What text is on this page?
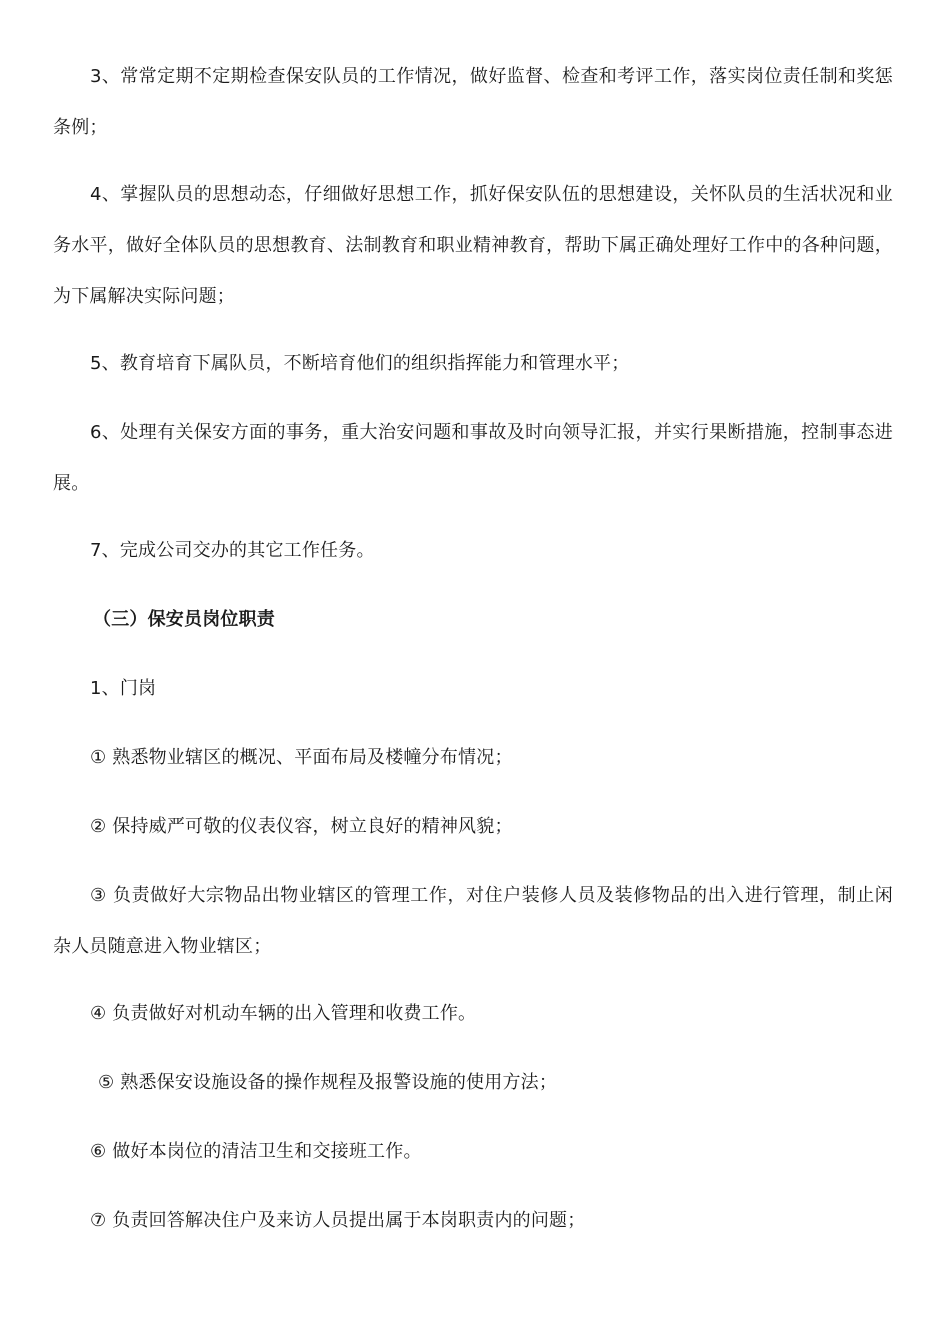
3、常常定期不定期检查保安队员的工作情况，做好监督、检查和考评工作，落实岗位责任制和奖惩条例；

4、掌握队员的思想动态，仔细做好思想工作，抓好保安队伍的思想建设，关怀队员的生活状况和业务水平，做好全体队员的思想教育、法制教育和职业精神教育，帮助下属正确处理好工作中的各种问题，为下属解决实际问题；

5、教育培育下属队员，不断培育他们的组织指挥能力和管理水平；

6、处理有关保安方面的事务，重大治安问题和事故及时向领导汇报，并实行果断措施，控制事态进展。

7、完成公司交办的其它工作任务。

（三）保安员岗位职责

1、门岗

① 熟悉物业辖区的概况、平面布局及楼幢分布情况；

② 保持威严可敬的仪表仪容，树立良好的精神风貌；

③ 负责做好大宗物品出物业辖区的管理工作，对住户装修人员及装修物品的出入进行管理，制止闲杂人员随意进入物业辖区；

④ 负责做好对机动车辆的出入管理和收费工作。

⑤ 熟悉保安设施设备的操作规程及报警设施的使用方法；

⑥ 做好本岗位的清洁卫生和交接班工作。

⑦ 负责回答解决住户及来访人员提出属于本岗职责内的问题；
